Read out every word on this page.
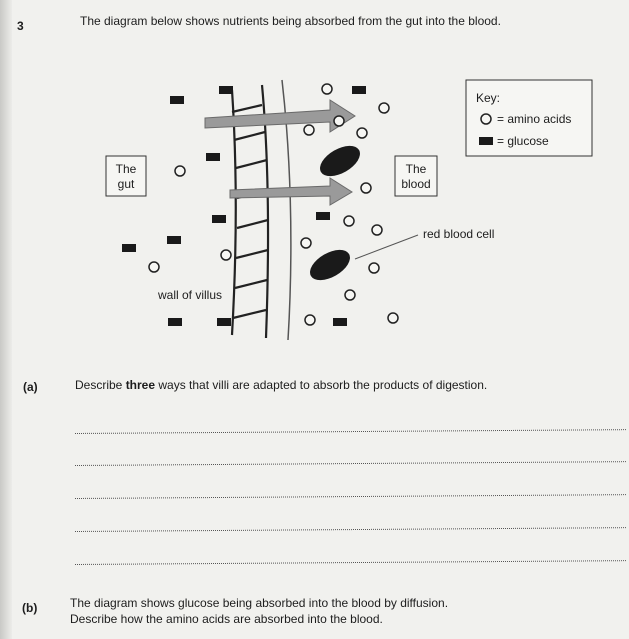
3	The diagram below shows nutrients being absorbed from the gut into the blood.
The
gut
The
blood
Key:
= amino acids
= glucose
red blood cell
wall of villus
(a)	Describe three ways that villi are adapted to absorb the products of digestion.
(b)	The diagram shows glucose being absorbed into the blood by diffusion.
Describe how the amino acids are absorbed into the blood.
